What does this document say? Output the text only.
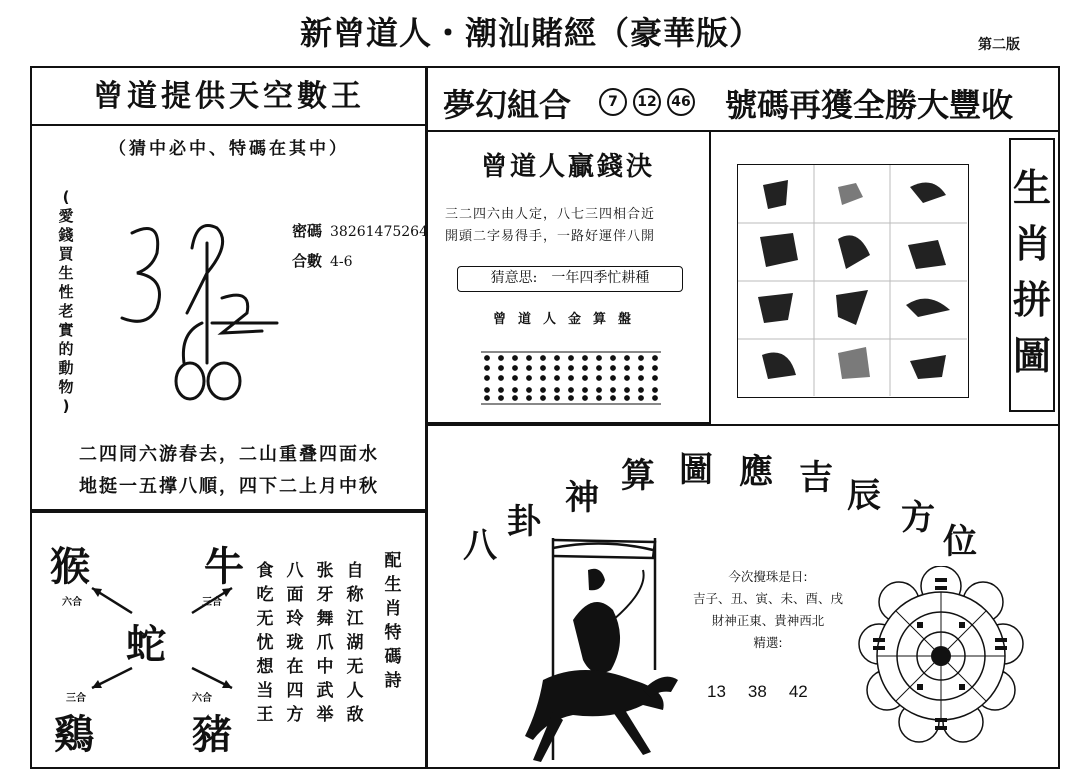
新曾道人・潮汕賭經（豪華版）	第二版
曾道提供天空數王
（猜中必中、特碼在其中）
(
愛
錢
買
生
性
老
實
的
動
物
)
密碼 38261475264
合數 4-6
二四同六游春去，二山重叠四面水
地挺一五撑八順，四下二上月中秋
猴	牛
蛇
鷄 豬
六合	三合
三合	六合
配
生
肖
特
碼
詩
自
称
江
湖
无
人
敌
张
牙
舞
爪
中
武
举
八
面
玲
珑
在
四
方
食
吃
无
忧
想
当
王
夢幻組合	7	12	46 號碼再獲全勝大豐收
曾道人贏錢決
三二四六由人定，八七三四相合近
開頭二字易得手，一路好運伴八開
猜意思:　一年四季忙耕種
曾道人金算盤
生
肖
拼
圖
八
卦
神
算 圖 應 吉 辰
方
位
今次攪珠是日:
吉子、丑、寅、未、酉、戌
財神正東、貴神西北
精選:
13 38 42
